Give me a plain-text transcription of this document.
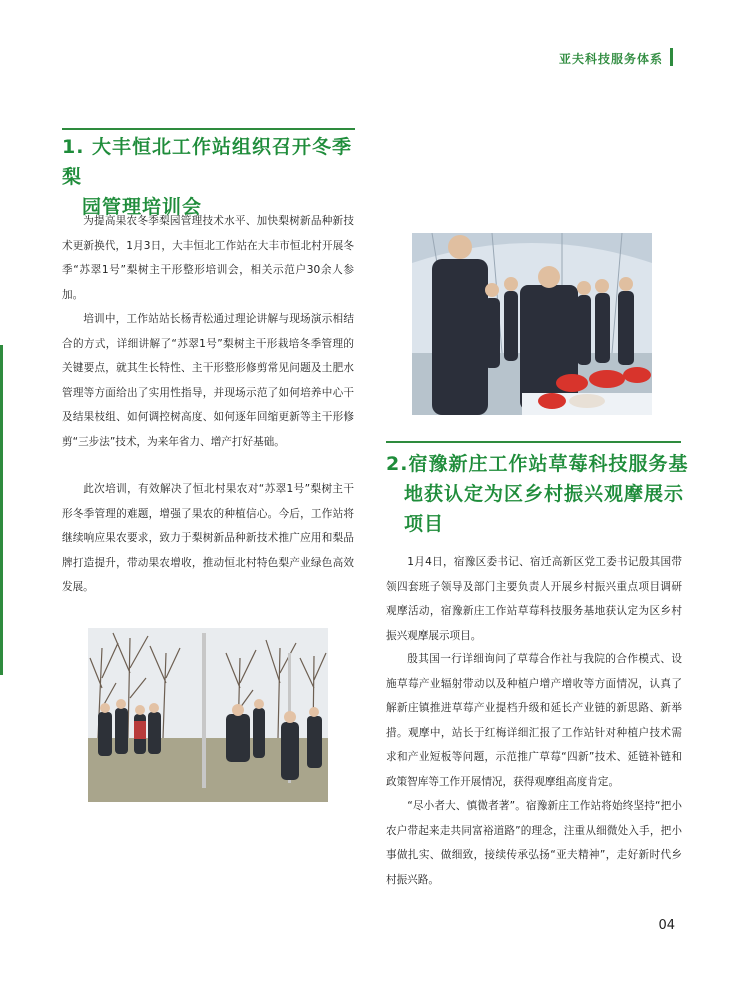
亚夫科技服务体系
1. 大丰恒北工作站组织召开冬季梨
园管理培训会

为提高果农冬季梨园管理技术水平、加快梨树新品种新技术更新换代，1月3日，大丰恒北工作站在大丰市恒北村开展冬季“苏翠1号”梨树主干形整形培训会，相关示范户30余人参加。

培训中，工作站站长杨青松通过理论讲解与现场演示相结合的方式，详细讲解了“苏翠1号”梨树主干形栽培冬季管理的关键要点，就其生长特性、主干形整形修剪常见问题及土肥水管理等方面给出了实用性指导，并现场示范了如何培养中心干及结果枝组、如何调控树高度、如何逐年回缩更新等主干形修剪“三步法”技术，为来年省力、增产打好基础。

此次培训，有效解决了恒北村果农对“苏翠1号”梨树主干形冬季管理的难题，增强了果农的种植信心。今后，工作站将继续响应果农要求，致力于梨树新品种新技术推广应用和梨品牌打造提升，带动果农增收，推动恒北村特色梨产业绿色高效发展。

2.宿豫新庄工作站草莓科技服务基
地获认定为区乡村振兴观摩展示
项目

1月4日，宿豫区委书记、宿迁高新区党工委书记殷其国带领四套班子领导及部门主要负责人开展乡村振兴重点项目调研观摩活动，宿豫新庄工作站草莓科技服务基地获认定为区乡村振兴观摩展示项目。

殷其国一行详细询问了草莓合作社与我院的合作模式、设施草莓产业辐射带动以及种植户增产增收等方面情况，认真了解新庄镇推进草莓产业提档升级和延长产业链的新思路、新举措。观摩中，站长于红梅详细汇报了工作站针对种植户技术需求和产业短板等问题，示范推广草莓“四新”技术、延链补链和政策智库等工作开展情况，获得观摩组高度肯定。

“尽小者大、慎微者著”。宿豫新庄工作站将始终坚持“把小农户带起来走共同富裕道路”的理念，注重从细微处入手，把小事做扎实、做细致，接续传承弘扬“亚夫精神”，走好新时代乡村振兴路。

04
